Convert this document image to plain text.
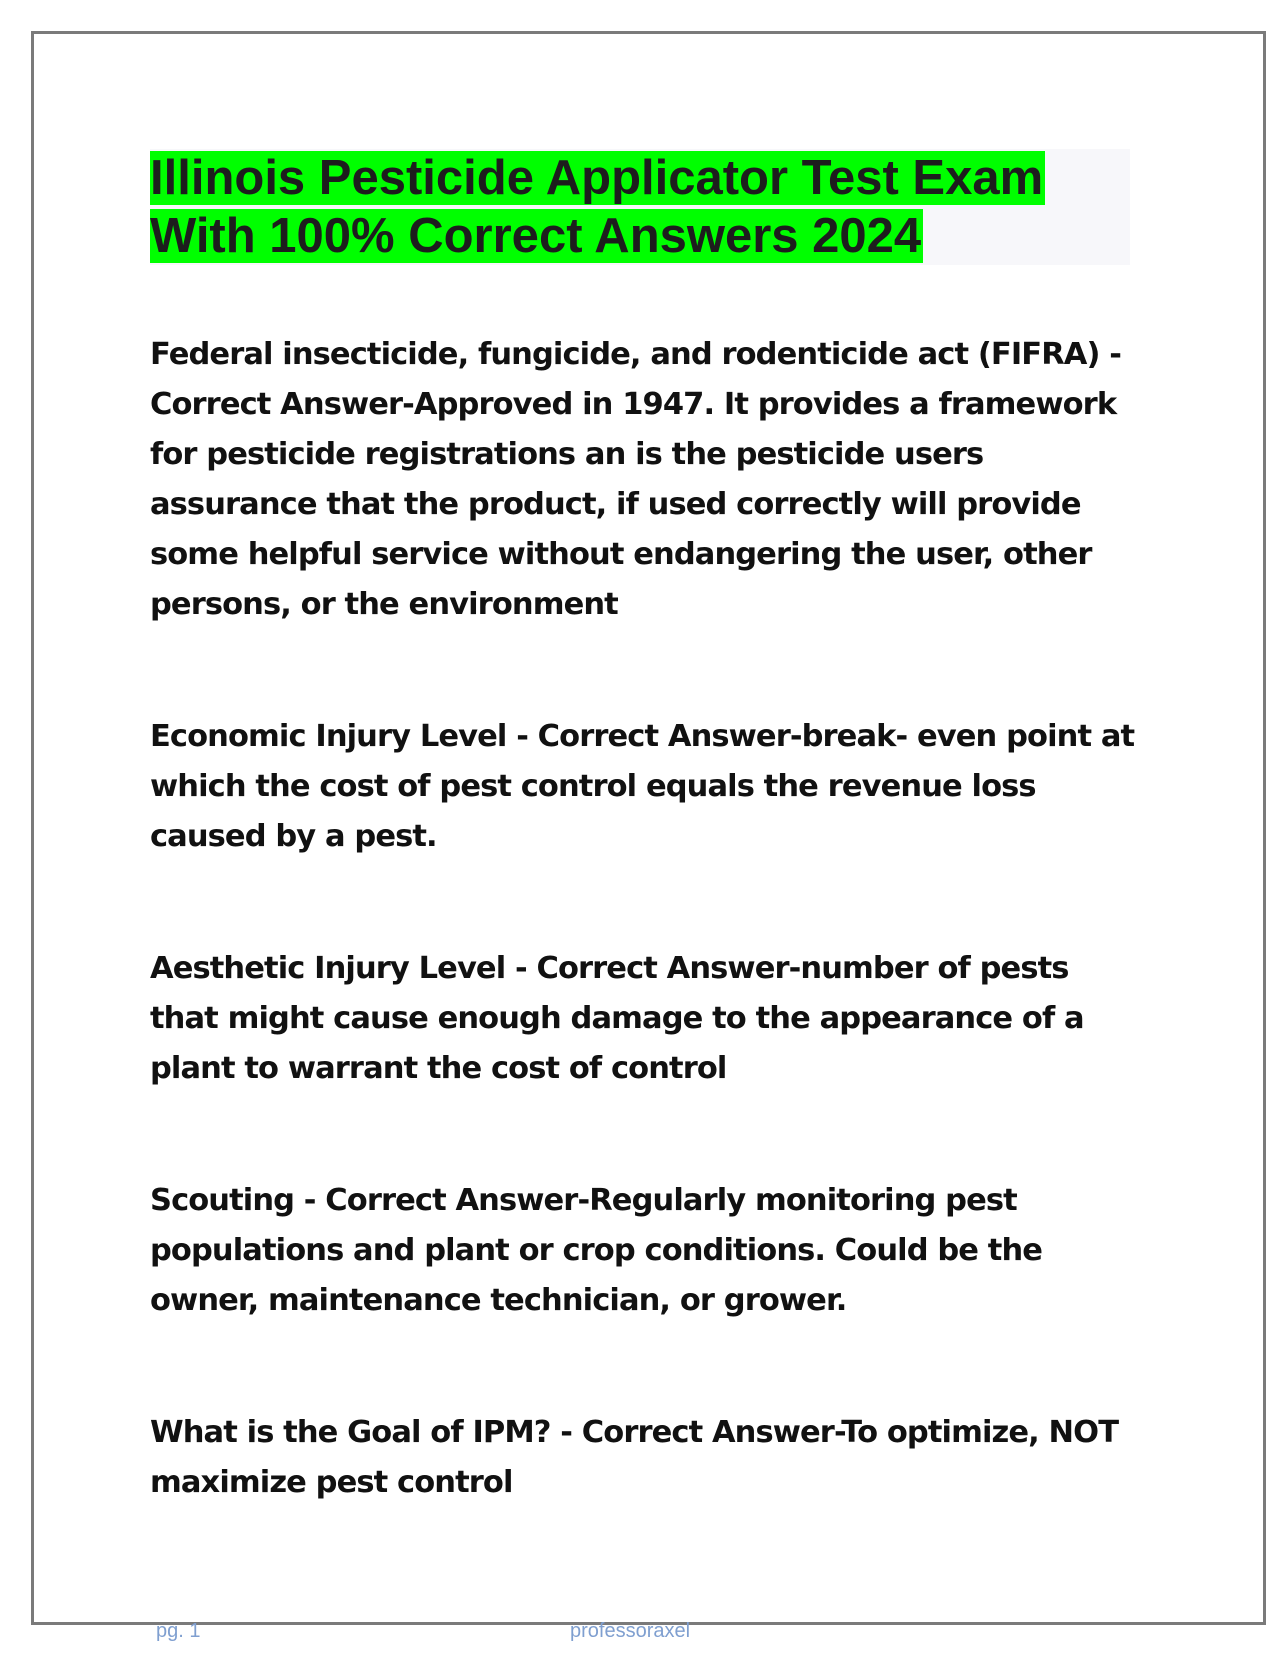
Illinois Pesticide Applicator Test Exam

With 100% Correct Answers 2024

Federal insecticide, fungicide, and rodenticide act (FIFRA) - Correct Answer-Approved in 1947. It provides a framework for pesticide registrations an is the pesticide users assurance that the product, if used correctly will provide some helpful service without endangering the user, other persons, or the environment

Economic Injury Level - Correct Answer-break- even point at which the cost of pest control equals the revenue loss caused by a pest.

Aesthetic Injury Level - Correct Answer-number of pests that might cause enough damage to the appearance of a plant to warrant the cost of control

Scouting - Correct Answer-Regularly monitoring pest populations and plant or crop conditions. Could be the owner, maintenance technician, or grower.

What is the Goal of IPM? - Correct Answer-To optimize, NOT maximize pest control

pg. 1	professoraxel
